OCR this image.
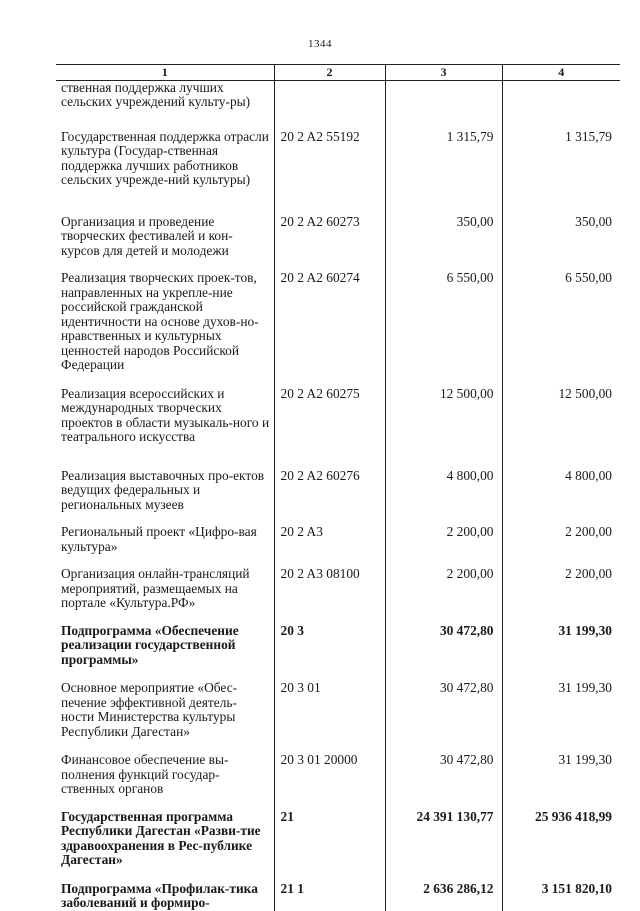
1344
1	2	3	4
ственная поддержка лучших сельских учреждений культу-ры)			
Государственная поддержка отрасли культура (Государ-ственная поддержка лучших работников сельских учрежде-ний культуры)	20 2 A2 55192	1 315,79	1 315,79
Организация и проведение творческих фестивалей и кон-курсов для детей и молодежи	20 2 A2 60273	350,00	350,00
Реализация творческих проек-тов, направленных на укрепле-ние российской гражданской идентичности на основе духов-но-нравственных и культурных ценностей народов Российской Федерации	20 2 A2 60274	6 550,00	6 550,00
Реализация всероссийских и международных творческих проектов в области музыкаль-ного и театрального искусства	20 2 A2 60275	12 500,00	12 500,00
Реализация выставочных про-ектов ведущих федеральных и региональных музеев	20 2 A2 60276	4 800,00	4 800,00
Региональный проект «Цифро-вая культура»	20 2 A3	2 200,00	2 200,00
Организация онлайн-трансляций мероприятий, размещаемых на портале «Культура.РФ»	20 2 A3 08100	2 200,00	2 200,00
Подпрограмма «Обеспечение реализации государственной программы»	20 3	30 472,80	31 199,30
Основное мероприятие «Обес-печение эффективной деятель-ности Министерства культуры Республики Дагестан»	20 3 01	30 472,80	31 199,30
Финансовое обеспечение вы-полнения функций государ-ственных органов	20 3 01 20000	30 472,80	31 199,30
Государственная программа Республики Дагестан «Разви-тие здравоохранения в Рес-публике Дагестан»	21	24 391 130,77	25 936 418,99
Подпрограмма «Профилак-тика заболеваний и формиро-	21 1	2 636 286,12	3 151 820,10
